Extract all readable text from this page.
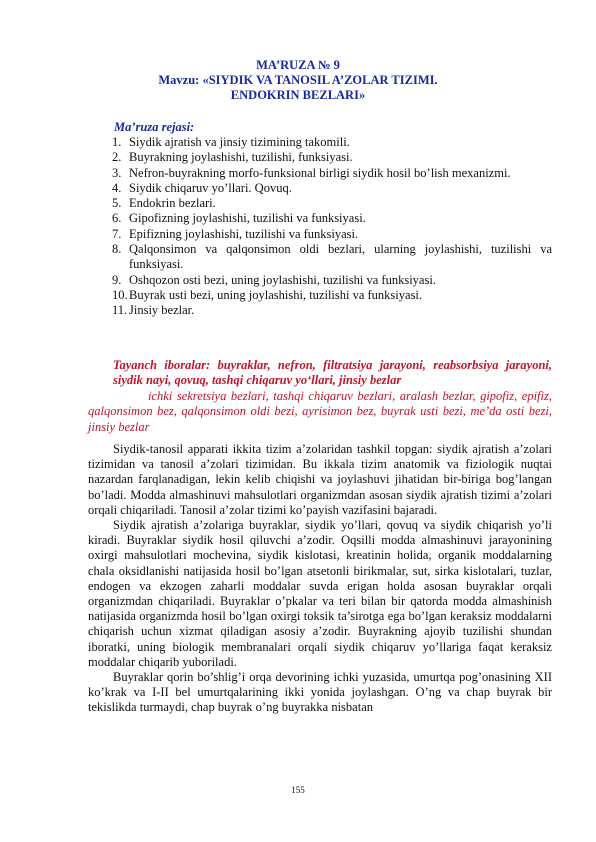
MA’RUZA № 9
Mavzu: «SIYDIK VA TANOSIL A’ZOLAR TIZIMI.
ENDOKRIN BEZLARI»
Ma’ruza rejasi:
1. Siydik ajratish va jinsiy tizimining takomili.
2. Buyrakning joylashishi, tuzilishi, funksiyasi.
3. Nefron-buyrakning morfo-funksional birligi siydik hosil bo’lish mexanizmi.
4. Siydik chiqaruv yo’llari. Qovuq.
5. Endokrin bezlari.
6. Gipofizning joylashishi, tuzilishi va funksiyasi.
7. Epifizning joylashishi, tuzilishi va funksiyasi.
8. Qalqonsimon va qalqonsimon oldi bezlari, ularning joylashishi, tuzilishi va funksiyasi.
9. Oshqozon osti bezi, uning joylashishi, tuzilishi va funksiyasi.
10. Buyrak usti bezi, uning joylashishi, tuzilishi va funksiyasi.
11. Jinsiy bezlar.
Tayanch iboralar: buyraklar, nefron, filtratsiya jarayoni, reabsorbsiya jarayoni, siydik nayi, qovuq, tashqi chiqaruv yo‘llari, jinsiy bezlar
ichki sekretsiya bezlari, tashqi chiqaruv bezlari, aralash bezlar, gipofiz, epifiz, qalqonsimon bez, qalqonsimon oldi bezi, ayrisimon bez, buyrak usti bezi, me’da osti bezi, jinsiy bezlar

Siydik-tanosil apparati ikkita tizim a’zolaridan tashkil topgan: siydik ajratish a’zolari tizimidan va tanosil a’zolari tizimidan. Bu ikkala tizim anatomik va fiziologik nuqtai nazardan farqlanadigan, lekin kelib chiqishi va joylashuvi jihatidan bir-biriga bog’langan bo’ladi. Modda almashinuvi mahsulotlari organizmdan asosan siydik ajratish tizimi a’zolari orqali chiqariladi. Tanosil a’zolar tizimi ko’payish vazifasini bajaradi.

Siydik ajratish a’zolariga buyraklar, siydik yo’llari, qovuq va siydik chiqarish yo’li kiradi. Buyraklar siydik hosil qiluvchi a’zodir. Oqsilli modda almashinuvi jarayonining oxirgi mahsulotlari mochevina, siydik kislotasi, kreatinin holida, organik moddalarning chala oksidlanishi natijasida hosil bo’lgan atsetonli birikmalar, sut, sirka kislotalari, tuzlar, endogen va ekzogen zaharli moddalar suvda erigan holda asosan buyraklar orqali organizmdan chiqariladi. Buyraklar o’pkalar va teri bilan bir qatorda modda almashinish natijasida organizmda hosil bo’lgan oxirgi toksik ta’sirotga ega bo’lgan keraksiz moddalarni chiqarish uchun xizmat qiladigan asosiy a’zodir. Buyrakning ajoyib tuzilishi shundan iboratki, uning biologik membranalari orqali siydik chiqaruv yo’llariga faqat keraksiz moddalar chiqarib yuboriladi.

Buyraklar qorin bo’shlig’i orqa devorining ichki yuzasida, umurtqa pog’onasining XII ko’krak va I-II bel umurtqalarining ikki yonida joylashgan. O’ng va chap buyrak bir tekislikda turmaydi, chap buyrak o’ng buyrakka nisbatan

155
